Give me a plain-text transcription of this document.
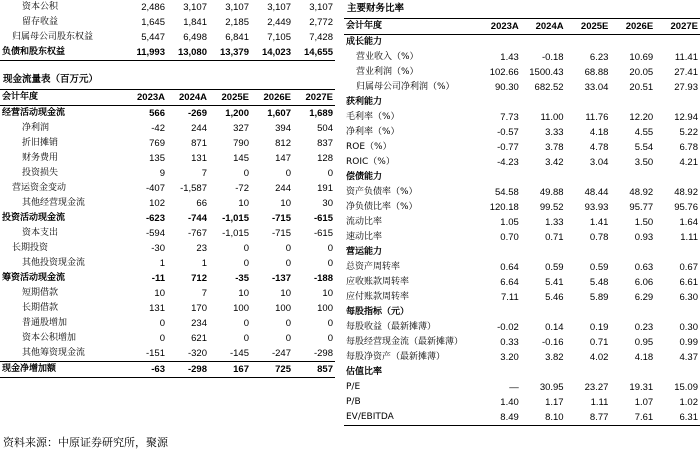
资本公积	2,486	3,107	3,107	3,107	3,107
留存收益	1,645	1,841	2,185	2,449	2,772
归属母公司股东权益	5,447	6,498	6,841	7,105	7,428
负债和股东权益	11,993	13,080	13,379	14,023	14,655
现金流量表（百万元）
会计年度	2023A	2024A	2025E	2026E	2027E
经营活动现金流	566	-269	1,200	1,607	1,689
净利润	-42	244	327	394	504
折旧摊销	769	871	790	812	837
财务费用	135	131	145	147	128
投资损失	9	7	0	0	0
营运资金变动	-407	-1,587	-72	244	191
其他经营现金流	102	66	10	10	30
投资活动现金流	-623	-744	-1,015	-715	-615
资本支出	-594	-767	-1,015	-715	-615
长期投资	-30	23	0	0	0
其他投资现金流	1	1	0	0	0
筹资活动现金流	-11	712	-35	-137	-188
短期借款	10	7	10	10	10
长期借款	131	170	100	100	100
普通股增加	0	234	0	0	0
资本公积增加	0	621	0	0	0
其他筹资现金流	-151	-320	-145	-247	-298
现金净增加额	-63	-298	167	725	857
主要财务比率
会计年度	2023A	2024A	2025E	2026E	2027E
成长能力					
营业收入（%）	1.43	-0.18	6.23	10.69	11.41
营业利润（%）	102.66	1500.43	68.88	20.05	27.41
归属母公司净利润（%）	90.30	682.52	33.04	20.51	27.93
获利能力					
毛利率（%）	7.73	11.00	11.76	12.20	12.94
净利率（%）	-0.57	3.33	4.18	4.55	5.22
ROE（%）	-0.77	3.78	4.78	5.54	6.78
ROIC（%）	-4.23	3.42	3.04	3.50	4.21
偿债能力					
资产负债率（%）	54.58	49.88	48.44	48.92	48.92
净负债比率（%）	120.18	99.52	93.93	95.77	95.76
流动比率	1.05	1.33	1.41	1.50	1.64
速动比率	0.70	0.71	0.78	0.93	1.11
营运能力					
总资产周转率	0.64	0.59	0.59	0.63	0.67
应收账款周转率	6.64	5.41	5.48	6.06	6.61
应付账款周转率	7.11	5.46	5.89	6.29	6.30
每股指标（元）					
每股收益（最新摊薄）	-0.02	0.14	0.19	0.23	0.30
每股经营现金流（最新摊薄）	0.33	-0.16	0.71	0.95	0.99
每股净资产（最新摊薄）	3.20	3.82	4.02	4.18	4.37
估值比率					
P/E	—	30.95	23.27	19.31	15.09
P/B	1.40	1.17	1.11	1.07	1.02
EV/EBITDA	8.49	8.10	8.77	7.61	6.31
资料来源：中原证券研究所，聚源
